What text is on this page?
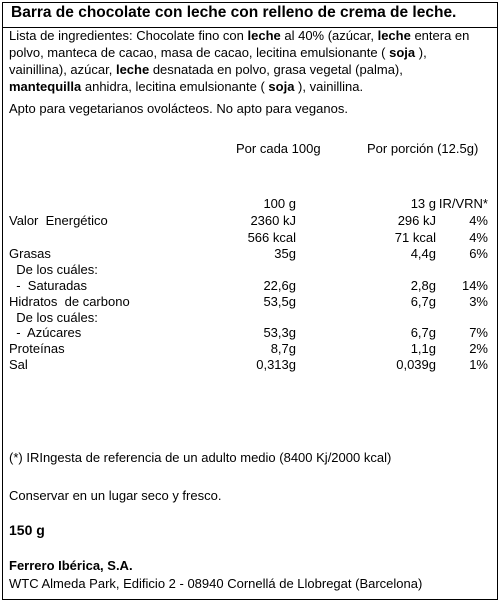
Barra de chocolate con leche con relleno de crema de leche.
Lista de ingredientes: Chocolate fino con leche al 40% (azúcar, leche entera en
polvo, manteca de cacao, masa de cacao, lecitina emulsionante ( soja ),
vainillina), azúcar, leche desnatada en polvo, grasa vegetal (palma),
mantequilla anhidra, lecitina emulsionante ( soja ), vainillina.
Apto para vegetarianos ovolácteos. No apto para veganos.
Por cada 100g	Por porción (12.5g)
100 g	13 g IR/VRN*
Valor  Energético	2360 kJ	296 kJ	4%
566 kcal	71 kcal	4%
Grasas	35g	4,4g	6%
De los cuáles:
-  Saturadas	22,6g	2,8g	14%
Hidratos  de carbono	53,5g	6,7g	3%
De los cuáles:
-  Azúcares	53,3g	6,7g	7%
Proteínas	8,7g	1,1g	2%
Sal	0,313g	0,039g	1%
(*) IRIngesta de referencia de un adulto medio (8400 Kj/2000 kcal)
Conservar en un lugar seco y fresco.
150 g
Ferrero Ibérica, S.A.
WTC Almeda Park, Edificio 2 - 08940 Cornellá de Llobregat (Barcelona)
